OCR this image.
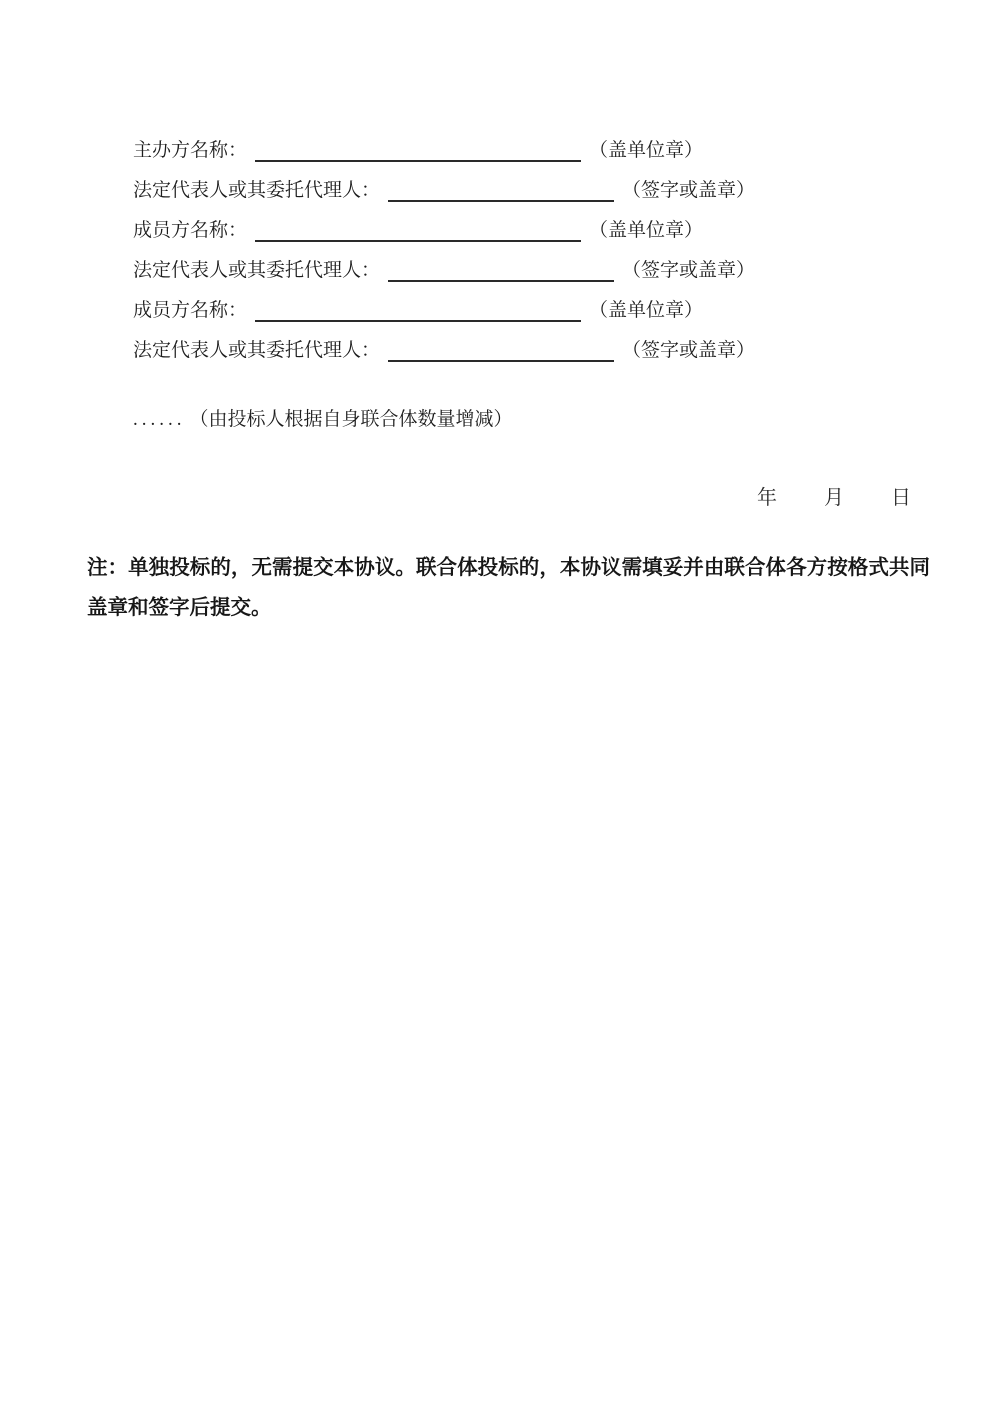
主办方名称：	（盖单位章）
法定代表人或其委托代理人：	（签字或盖章）
成员方名称：	（盖单位章）
法定代表人或其委托代理人：	（签字或盖章）
成员方名称：	（盖单位章）
法定代表人或其委托代理人：	（签字或盖章）
...... （由投标人根据自身联合体数量增减）
年 月 日

注：单独投标的，无需提交本协议。联合体投标的，本协议需填妥并由联合体各方按格式共同盖章和签字后提交。
